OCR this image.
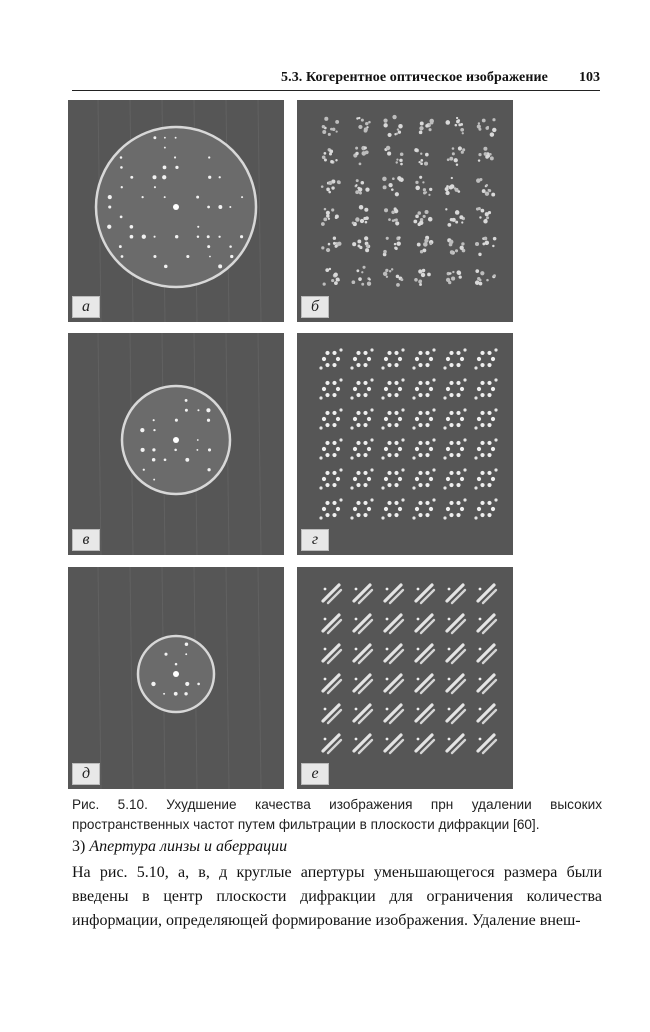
5.3. Когерентное оптическое изображение 103
а	б
в	г
д	е
Рис. 5.10. Ухудшение качества изображения прн удалении высоких пространственных частот путем фильтрации в плоскости дифракции [60].
3) Апертура линзы и аберрации
На рис. 5.10, а, в, д круглые апертуры уменьшающегося размера были введены в центр плоскости дифракции для ограничения количества информации, определяющей формирование изображения. Удаление внеш-
